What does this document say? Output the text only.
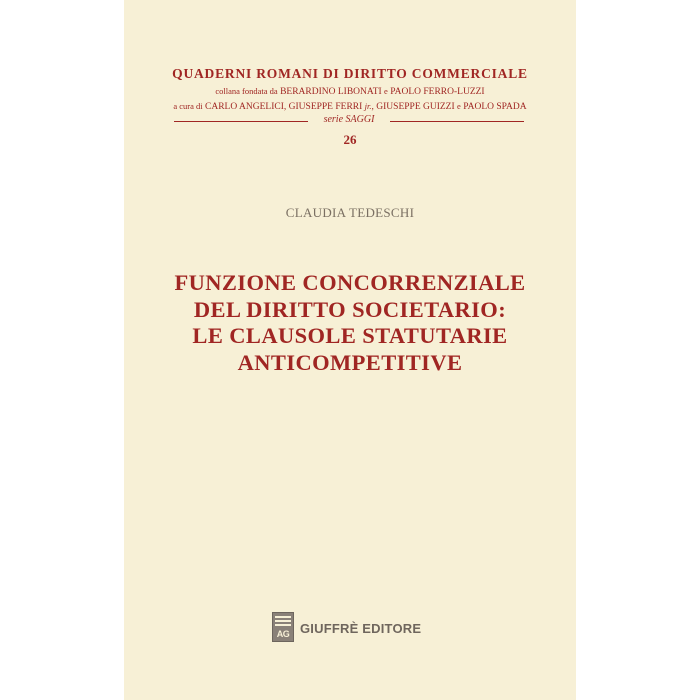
QUADERNI ROMANI DI DIRITTO COMMERCIALE
collana fondata da BERARDINO LIBONATI e PAOLO FERRO-LUZZI
a cura di CARLO ANGELICI, GIUSEPPE FERRI jr., GIUSEPPE GUIZZI e PAOLO SPADA
serie SAGGI
26
CLAUDIA TEDESCHI
FUNZIONE CONCORRENZIALE
DEL DIRITTO SOCIETARIO:
LE CLAUSOLE STATUTARIE
ANTICOMPETITIVE
AG GIUFFRÈ EDITORE
